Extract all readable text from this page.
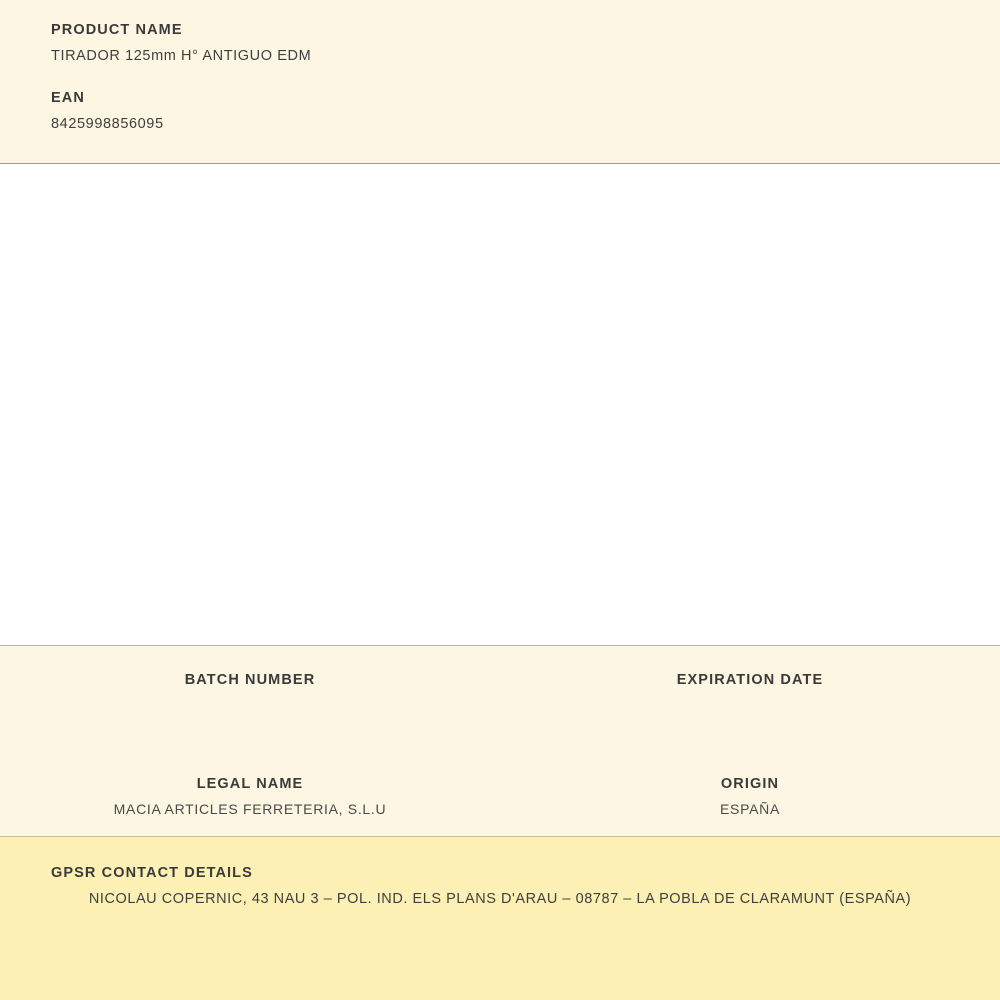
PRODUCT NAME
TIRADOR 125mm H° ANTIGUO EDM
EAN
8425998856095
BATCH NUMBER	EXPIRATION DATE
LEGAL NAME
MACIA ARTICLES FERRETERIA, S.L.U
ORIGIN
ESPAÑA
GPSR CONTACT DETAILS
NICOLAU COPERNIC, 43 NAU 3 – POL. IND. ELS PLANS D'ARAU – 08787 – LA POBLA DE CLARAMUNT (ESPAÑA)
